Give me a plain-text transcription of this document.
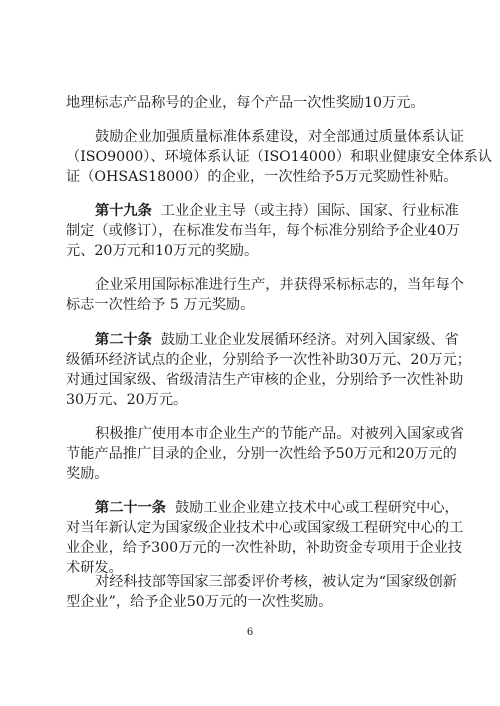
地理标志产品称号的企业，每个产品一次性奖励10万元。
鼓励企业加强质量标准体系建设，对全部通过质量体系认证
（ISO9000）、环境体系认证（ISO14000）和职业健康安全体系认
证（OHSAS18000）的企业，一次性给予5万元奖励性补贴。
第十九条 工业企业主导（或主持）国际、国家、行业标准
制定（或修订），在标准发布当年，每个标准分别给予企业40万
元、20万元和10万元的奖励。
企业采用国际标准进行生产，并获得采标标志的，当年每个
标志一次性给予 5 万元奖励。
第二十条 鼓励工业企业发展循环经济。对列入国家级、省
级循环经济试点的企业，分别给予一次性补助30万元、20万元；
对通过国家级、省级清洁生产审核的企业，分别给予一次性补助
30万元、20万元。
积极推广使用本市企业生产的节能产品。对被列入国家或省
节能产品推广目录的企业，分别一次性给予50万元和20万元的
奖励。
第二十一条 鼓励工业企业建立技术中心或工程研究中心，
对当年新认定为国家级企业技术中心或国家级工程研究中心的工
业企业，给予300万元的一次性补助，补助资金专项用于企业技
术研发。
对经科技部等国家三部委评价考核，被认定为“国家级创新
型企业”，给予企业50万元的一次性奖励。
6
